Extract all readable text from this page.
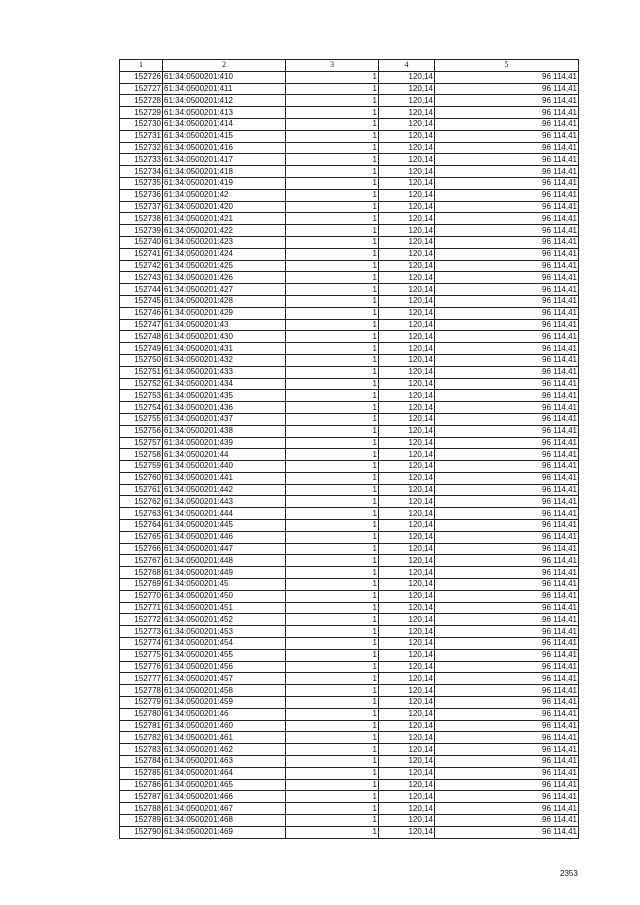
1	2	3	4	5
152726	61:34:0500201:410	1	120,14	96 114,41
152727	61:34:0500201:411	1	120,14	96 114,41
152728	61:34:0500201:412	1	120,14	96 114,41
152729	61:34:0500201:413	1	120,14	96 114,41
152730	61:34:0500201:414	1	120,14	96 114,41
152731	61:34:0500201:415	1	120,14	96 114,41
152732	61:34:0500201:416	1	120,14	96 114,41
152733	61:34:0500201:417	1	120,14	96 114,41
152734	61:34:0500201:418	1	120,14	96 114,41
152735	61:34:0500201:419	1	120,14	96 114,41
152736	61:34:0500201:42	1	120,14	96 114,41
152737	61:34:0500201:420	1	120,14	96 114,41
152738	61:34:0500201:421	1	120,14	96 114,41
152739	61:34:0500201:422	1	120,14	96 114,41
152740	61:34:0500201:423	1	120,14	96 114,41
152741	61:34:0500201:424	1	120,14	96 114,41
152742	61:34:0500201:425	1	120,14	96 114,41
152743	61:34:0500201:426	1	120,14	96 114,41
152744	61:34:0500201:427	1	120,14	96 114,41
152745	61:34:0500201:428	1	120,14	96 114,41
152746	61:34:0500201:429	1	120,14	96 114,41
152747	61:34:0500201:43	1	120,14	96 114,41
152748	61:34:0500201:430	1	120,14	96 114,41
152749	61:34:0500201:431	1	120,14	96 114,41
152750	61:34:0500201:432	1	120,14	96 114,41
152751	61:34:0500201:433	1	120,14	96 114,41
152752	61:34:0500201:434	1	120,14	96 114,41
152753	61:34:0500201:435	1	120,14	96 114,41
152754	61:34:0500201:436	1	120,14	96 114,41
152755	61:34:0500201:437	1	120,14	96 114,41
152756	61:34:0500201:438	1	120,14	96 114,41
152757	61:34:0500201:439	1	120,14	96 114,41
152758	61:34:0500201:44	1	120,14	96 114,41
152759	61:34:0500201:440	1	120,14	96 114,41
152760	61:34:0500201:441	1	120,14	96 114,41
152761	61:34:0500201:442	1	120,14	96 114,41
152762	61:34:0500201:443	1	120,14	96 114,41
152763	61:34:0500201:444	1	120,14	96 114,41
152764	61:34:0500201:445	1	120,14	96 114,41
152765	61:34:0500201:446	1	120,14	96 114,41
152766	61:34:0500201:447	1	120,14	96 114,41
152767	61:34:0500201:448	1	120,14	96 114,41
152768	61:34:0500201:449	1	120,14	96 114,41
152769	61:34:0500201:45	1	120,14	96 114,41
152770	61:34:0500201:450	1	120,14	96 114,41
152771	61:34:0500201:451	1	120,14	96 114,41
152772	61:34:0500201:452	1	120,14	96 114,41
152773	61:34:0500201:453	1	120,14	96 114,41
152774	61:34:0500201:454	1	120,14	96 114,41
152775	61:34:0500201:455	1	120,14	96 114,41
152776	61:34:0500201:456	1	120,14	96 114,41
152777	61:34:0500201:457	1	120,14	96 114,41
152778	61:34:0500201:458	1	120,14	96 114,41
152779	61:34:0500201:459	1	120,14	96 114,41
152780	61:34:0500201:46	1	120,14	96 114,41
152781	61:34:0500201:460	1	120,14	96 114,41
152782	61:34:0500201:461	1	120,14	96 114,41
152783	61:34:0500201:462	1	120,14	96 114,41
152784	61:34:0500201:463	1	120,14	96 114,41
152785	61:34:0500201:464	1	120,14	96 114,41
152786	61:34:0500201:465	1	120,14	96 114,41
152787	61:34:0500201:466	1	120,14	96 114,41
152788	61:34:0500201:467	1	120,14	96 114,41
152789	61:34:0500201:468	1	120,14	96 114,41
152790	61:34:0500201:469	1	120,14	96 114,41
2353
